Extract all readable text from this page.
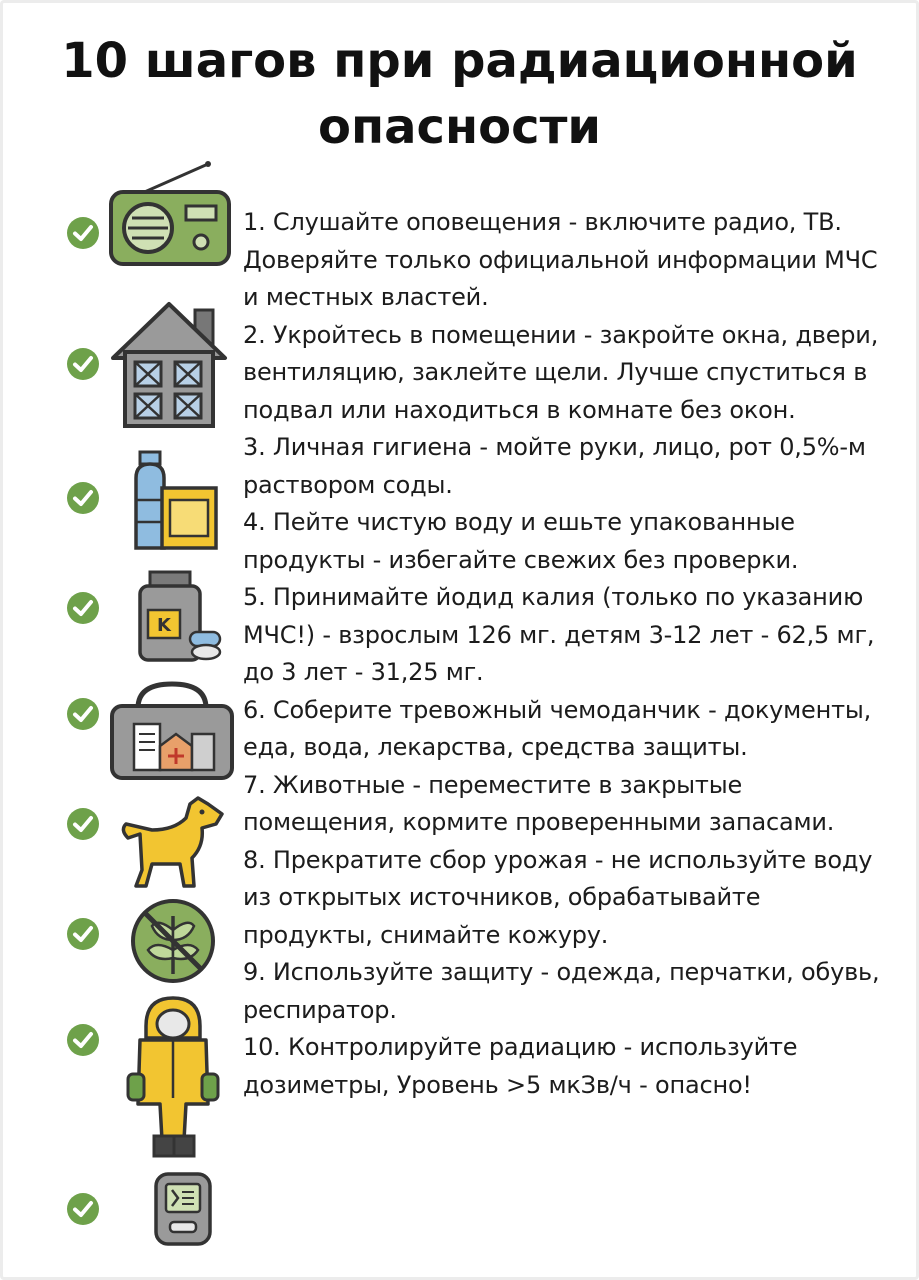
10 шагов при радиационной
опасности
K

1. Слушайте оповещения - включите радио, ТВ. Доверяйте только официальной информации МЧС и местных властей.

2. Укройтесь в помещении - закройте окна, двери, вентиляцию, заклейте щели. Лучше спуститься в подвал или находиться в комнате без окон.

3. Личная гигиена - мойте руки, лицо, рот 0,5%-м раствором соды.

4. Пейте чистую воду и ешьте упакованные продукты - избегайте свежих без проверки.

5. Принимайте йодид калия (только по указанию МЧС!) - взрослым 126 мг. детям 3-12 лет - 62,5 мг, до 3 лет - 31,25 мг.

6. Соберите тревожный чемоданчик - документы, еда, вода, лекарства, средства защиты.

7. Животные - переместите в закрытые помещения, кормите проверенными запасами.

8. Прекратите сбор урожая - не используйте воду из открытых источников, обрабатывайте продукты, снимайте кожуру.

9. Используйте защиту - одежда, перчатки, обувь, респиратор.

10. Контролируйте радиацию - используйте дозиметры, Уровень >5 мкЗв/ч - опасно!
